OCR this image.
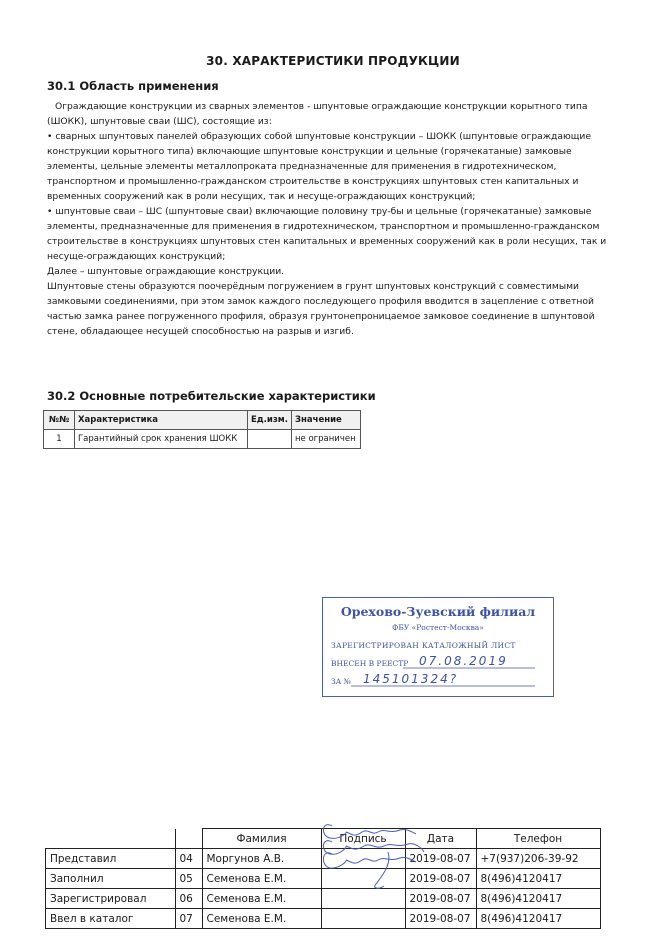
30. ХАРАКТЕРИСТИКИ ПРОДУКЦИИ
30.1 Область применения

Ограждающие конструкции из сварных элементов - шпунтовые ограждающие конструкции корытного типа (ШОКК), шпунтовые сваи (ШС), состоящие из:

• сварных шпунтовых панелей образующих собой шпунтовые конструкции – ШОКК (шпунтовые ограждающие конструкции корытного типа) включающие шпунтовые конструкции и цельные (горячекатаные) замковые элементы, цельные элементы металлопроката предназначенные для применения в гидротехническом, транспортном и промышленно-гражданском строительстве в конструкциях шпунтовых стен капитальных и временных сооружений как в роли несущих, так и несуще-ограждающих конструкций;

• шпунтовые сваи – ШС (шпунтовые сваи) включающие половину тру-бы и цельные (горячекатаные) замковые элементы, предназначенные для применения в гидротехническом, транспортном и промышленно-гражданском строительстве в конструкциях шпунтовых стен капитальных и временных сооружений как в роли несущих, так и несуще-ограждающих конструкций;

Далее – шпунтовые ограждающие конструкции.

Шпунтовые стены образуются поочерёдным погружением в грунт шпунтовых конструкций с совместимыми замковыми соединениями, при этом замок каждого последующего профиля вводится в зацепление с ответной частью замка ранее погруженного профиля, образуя грунтонепроницаемое замковое соединение в шпунтовой стене, обладающее несущей способностью на разрыв и изгиб.

30.2 Основные потребительские характеристики
№№	Характеристика	Ед.изм.	Значение
1	Гарантийный срок хранения ШОКК		не ограничен
Орехово-Зуевский филиал
ФБУ «Ростест-Москва»
ЗАРЕГИСТРИРОВАН КАТАЛОЖНЫЙ ЛИСТ
ВНЕСЕН В РЕЕСТР
ЗА №
07.08.2019
145101324?
		Фамилия	Подпись	Дата	Телефон
Представил	04	Моргунов А.В.		2019-08-07	+7(937)206-39-92
Заполнил	05	Семенова Е.М.		2019-08-07	8(496)4120417
Зарегистрировал	06	Семенова Е.М.		2019-08-07	8(496)4120417
Ввел в каталог	07	Семенова Е.М.		2019-08-07	8(496)4120417
